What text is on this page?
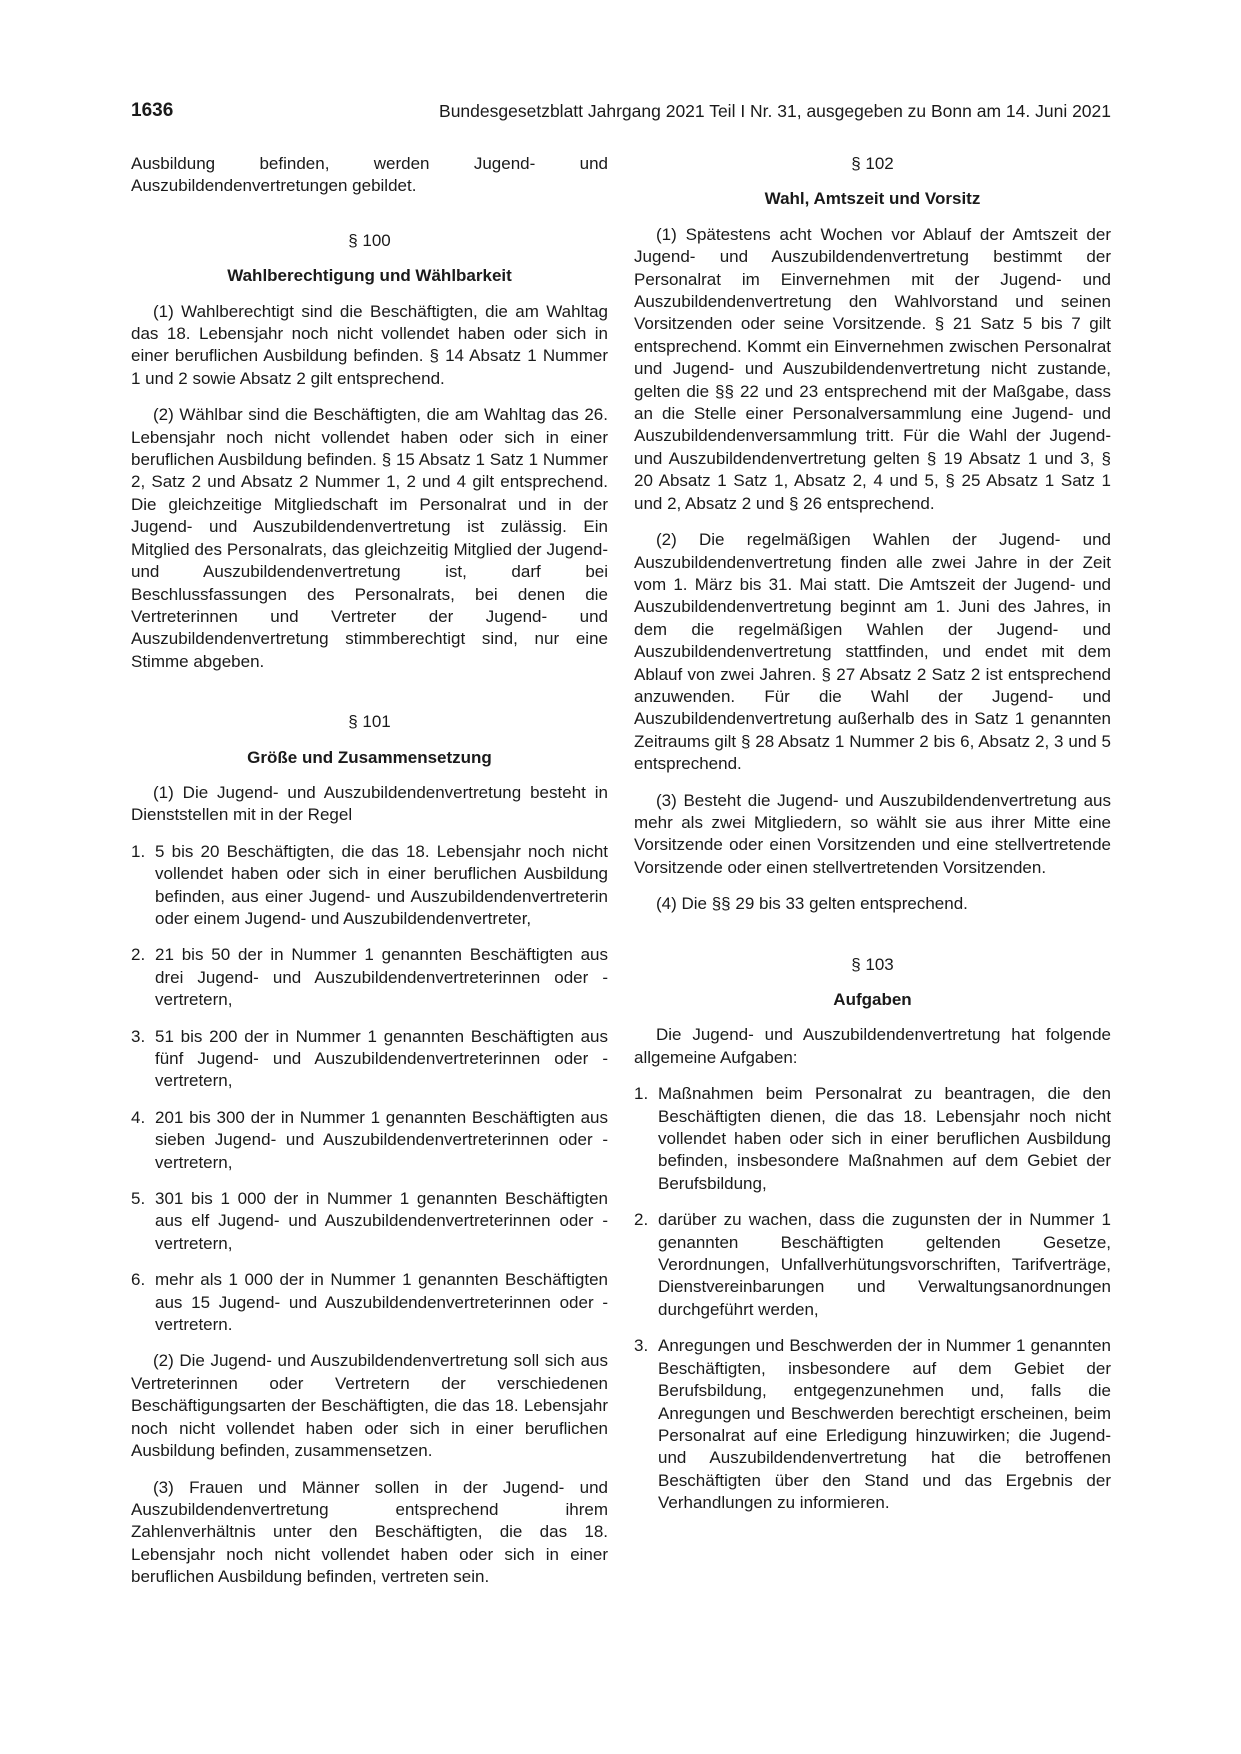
1636	Bundesgesetzblatt Jahrgang 2021 Teil I Nr. 31, ausgegeben zu Bonn am 14. Juni 2021

Ausbildung befinden, werden Jugend- und Auszubildendenvertretungen gebildet.

§ 100
Wahlberechtigung und Wählbarkeit

(1) Wahlberechtigt sind die Beschäftigten, die am Wahltag das 18. Lebensjahr noch nicht vollendet haben oder sich in einer beruflichen Ausbildung befinden. § 14 Absatz 1 Nummer 1 und 2 sowie Absatz 2 gilt entsprechend.

(2) Wählbar sind die Beschäftigten, die am Wahltag das 26. Lebensjahr noch nicht vollendet haben oder sich in einer beruflichen Ausbildung befinden. § 15 Absatz 1 Satz 1 Nummer 2, Satz 2 und Absatz 2 Nummer 1, 2 und 4 gilt entsprechend. Die gleichzeitige Mitgliedschaft im Personalrat und in der Jugend- und Auszubildendenvertretung ist zulässig. Ein Mitglied des Personalrats, das gleichzeitig Mitglied der Jugend- und Auszubildendenvertretung ist, darf bei Beschlussfassungen des Personalrats, bei denen die Vertreterinnen und Vertreter der Jugend- und Auszubildendenvertretung stimmberechtigt sind, nur eine Stimme abgeben.

§ 101
Größe und Zusammensetzung

(1) Die Jugend- und Auszubildendenvertretung besteht in Dienststellen mit in der Regel

1. 5 bis 20 Beschäftigten, die das 18. Lebensjahr noch nicht vollendet haben oder sich in einer beruflichen Ausbildung befinden, aus einer Jugend- und Auszubildendenvertreterin oder einem Jugend- und Auszubildendenvertreter,
2. 21 bis 50 der in Nummer 1 genannten Beschäftigten aus drei Jugend- und Auszubildendenvertreterinnen oder -vertretern,
3. 51 bis 200 der in Nummer 1 genannten Beschäftigten aus fünf Jugend- und Auszubildendenvertreterinnen oder -vertretern,
4. 201 bis 300 der in Nummer 1 genannten Beschäftigten aus sieben Jugend- und Auszubildendenvertreterinnen oder -vertretern,
5. 301 bis 1 000 der in Nummer 1 genannten Beschäftigten aus elf Jugend- und Auszubildendenvertreterinnen oder -vertretern,
6. mehr als 1 000 der in Nummer 1 genannten Beschäftigten aus 15 Jugend- und Auszubildendenvertreterinnen oder -vertretern.

(2) Die Jugend- und Auszubildendenvertretung soll sich aus Vertreterinnen oder Vertretern der verschiedenen Beschäftigungsarten der Beschäftigten, die das 18. Lebensjahr noch nicht vollendet haben oder sich in einer beruflichen Ausbildung befinden, zusammensetzen.

(3) Frauen und Männer sollen in der Jugend- und Auszubildendenvertretung entsprechend ihrem Zahlenverhältnis unter den Beschäftigten, die das 18. Lebensjahr noch nicht vollendet haben oder sich in einer beruflichen Ausbildung befinden, vertreten sein.

§ 102
Wahl, Amtszeit und Vorsitz

(1) Spätestens acht Wochen vor Ablauf der Amtszeit der Jugend- und Auszubildendenvertretung bestimmt der Personalrat im Einvernehmen mit der Jugend- und Auszubildendenvertretung den Wahlvorstand und seinen Vorsitzenden oder seine Vorsitzende. § 21 Satz 5 bis 7 gilt entsprechend. Kommt ein Einvernehmen zwischen Personalrat und Jugend- und Auszubildendenvertretung nicht zustande, gelten die §§ 22 und 23 entsprechend mit der Maßgabe, dass an die Stelle einer Personalversammlung eine Jugend- und Auszubildendenversammlung tritt. Für die Wahl der Jugend- und Auszubildendenvertretung gelten § 19 Absatz 1 und 3, § 20 Absatz 1 Satz 1, Absatz 2, 4 und 5, § 25 Absatz 1 Satz 1 und 2, Absatz 2 und § 26 entsprechend.

(2) Die regelmäßigen Wahlen der Jugend- und Auszubildendenvertretung finden alle zwei Jahre in der Zeit vom 1. März bis 31. Mai statt. Die Amtszeit der Jugend- und Auszubildendenvertretung beginnt am 1. Juni des Jahres, in dem die regelmäßigen Wahlen der Jugend- und Auszubildendenvertretung stattfinden, und endet mit dem Ablauf von zwei Jahren. § 27 Absatz 2 Satz 2 ist entsprechend anzuwenden. Für die Wahl der Jugend- und Auszubildendenvertretung außerhalb des in Satz 1 genannten Zeitraums gilt § 28 Absatz 1 Nummer 2 bis 6, Absatz 2, 3 und 5 entsprechend.

(3) Besteht die Jugend- und Auszubildendenvertretung aus mehr als zwei Mitgliedern, so wählt sie aus ihrer Mitte eine Vorsitzende oder einen Vorsitzenden und eine stellvertretende Vorsitzende oder einen stellvertretenden Vorsitzenden.

(4) Die §§ 29 bis 33 gelten entsprechend.

§ 103
Aufgaben

Die Jugend- und Auszubildendenvertretung hat folgende allgemeine Aufgaben:

1. Maßnahmen beim Personalrat zu beantragen, die den Beschäftigten dienen, die das 18. Lebensjahr noch nicht vollendet haben oder sich in einer beruflichen Ausbildung befinden, insbesondere Maßnahmen auf dem Gebiet der Berufsbildung,
2. darüber zu wachen, dass die zugunsten der in Nummer 1 genannten Beschäftigten geltenden Gesetze, Verordnungen, Unfallverhütungsvorschriften, Tarifverträge, Dienstvereinbarungen und Verwaltungsanordnungen durchgeführt werden,
3. Anregungen und Beschwerden der in Nummer 1 genannten Beschäftigten, insbesondere auf dem Gebiet der Berufsbildung, entgegenzunehmen und, falls die Anregungen und Beschwerden berechtigt erscheinen, beim Personalrat auf eine Erledigung hinzuwirken; die Jugend- und Auszubildendenvertretung hat die betroffenen Beschäftigten über den Stand und das Ergebnis der Verhandlungen zu informieren.
